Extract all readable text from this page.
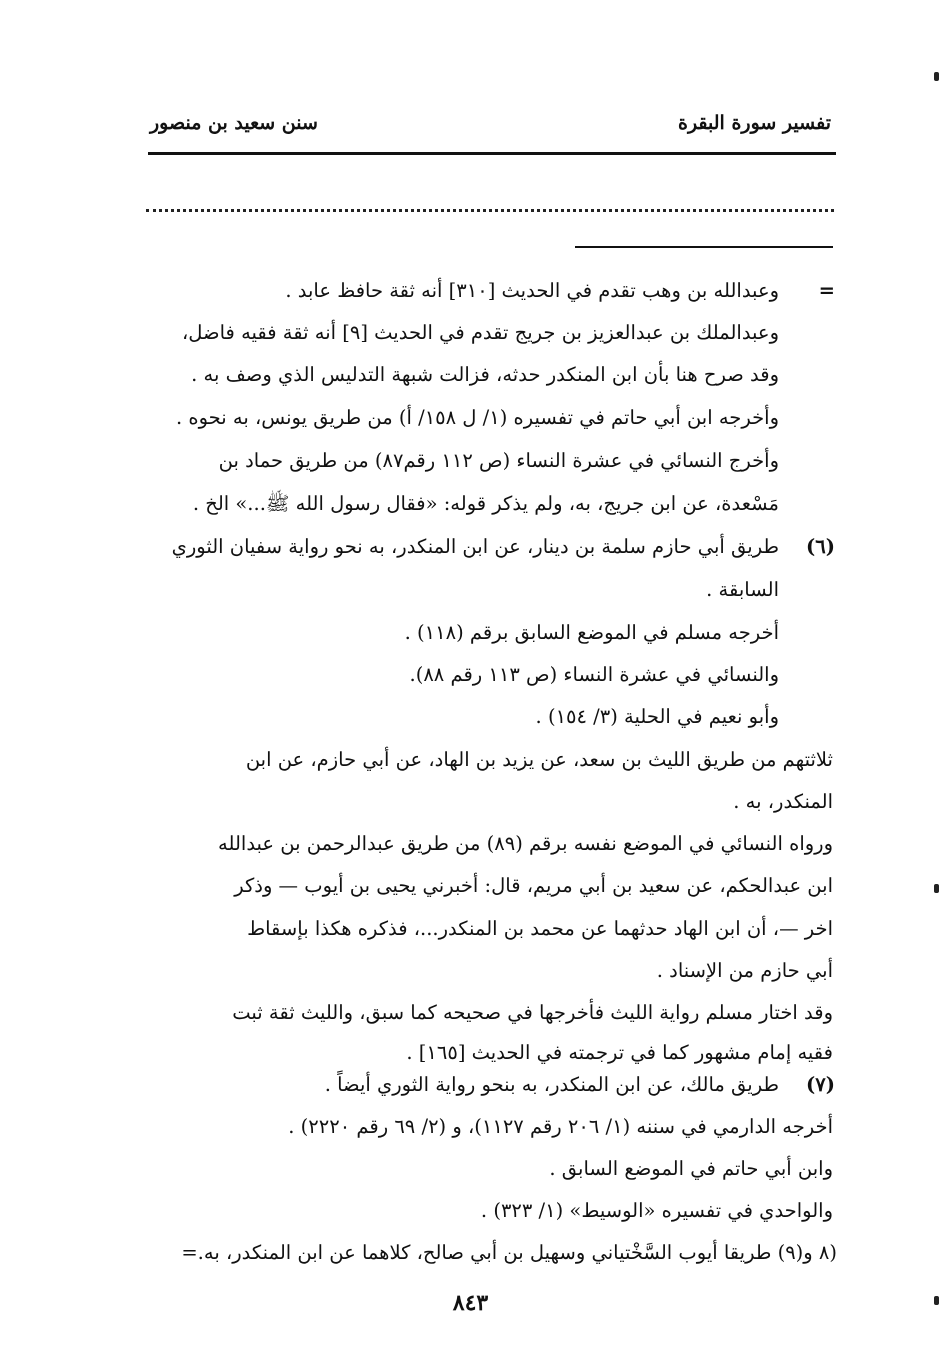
تفسير سورة البقرة
سنن سعيد بن منصور
=
(٦)
(٧)
وعبدالله بن وهب تقدم في الحديث [٣١٠] أنه ثقة حافظ عابد .
وعبدالملك بن عبدالعزيز بن جريج تقدم في الحديث [٩] أنه ثقة فقيه فاضل،
وقد صرح هنا بأن ابن المنكدر حدثه، فزالت شبهة التدليس الذي وصف به .
وأخرجه ابن أبي حاتم في تفسيره (١/ ل ١٥٨/ أ) من طريق يونس، به نحوه .
وأخرج النسائي في عشرة النساء (ص ١١٢ رقم٨٧) من طريق حماد بن
مَسْعدة، عن ابن جريج، به، ولم يذكر قوله: «فقال رسول الله ﷺ...» الخ .
طريق أبي حازم سلمة بن دينار، عن ابن المنكدر، به نحو رواية سفيان الثوري
السابقة .
أخرجه مسلم في الموضع السابق برقم (١١٨) .
والنسائي في عشرة النساء (ص ١١٣ رقم ٨٨).
وأبو نعيم في الحلية (٣/ ١٥٤) .
ثلاثتهم من طريق الليث بن سعد، عن يزيد بن الهاد، عن أبي حازم، عن ابن
المنكدر، به .
ورواه النسائي في الموضع نفسه برقم (٨٩) من طريق عبدالرحمن بن عبدالله
ابن عبدالحكم، عن سعيد بن أبي مريم، قال: أخبرني يحيى بن أيوب — وذكر
اخر —، أن ابن الهاد حدثهما عن محمد بن المنكدر...، فذكره هكذا بإسقاط
أبي حازم من الإسناد .
وقد اختار مسلم رواية الليث فأخرجها في صحيحه كما سبق، والليث ثقة ثبت
فقيه إمام مشهور كما في ترجمته في الحديث [١٦٥] .
طريق مالك، عن ابن المنكدر، به بنحو رواية الثوري أيضاً .
أخرجه الدارمي في سننه (١/ ٢٠٦ رقم ١١٢٧)، و (٢/ ٦٩ رقم ٢٢٢٠) .
وابن أبي حاتم في الموضع السابق .
والواحدي في تفسيره «الوسيط» (١/ ٣٢٣) .
(٨ و(٩) طريقا أيوب السَّخْتياني وسهيل بن أبي صالح، كلاهما عن ابن المنكدر، به.=
٨٤٣
